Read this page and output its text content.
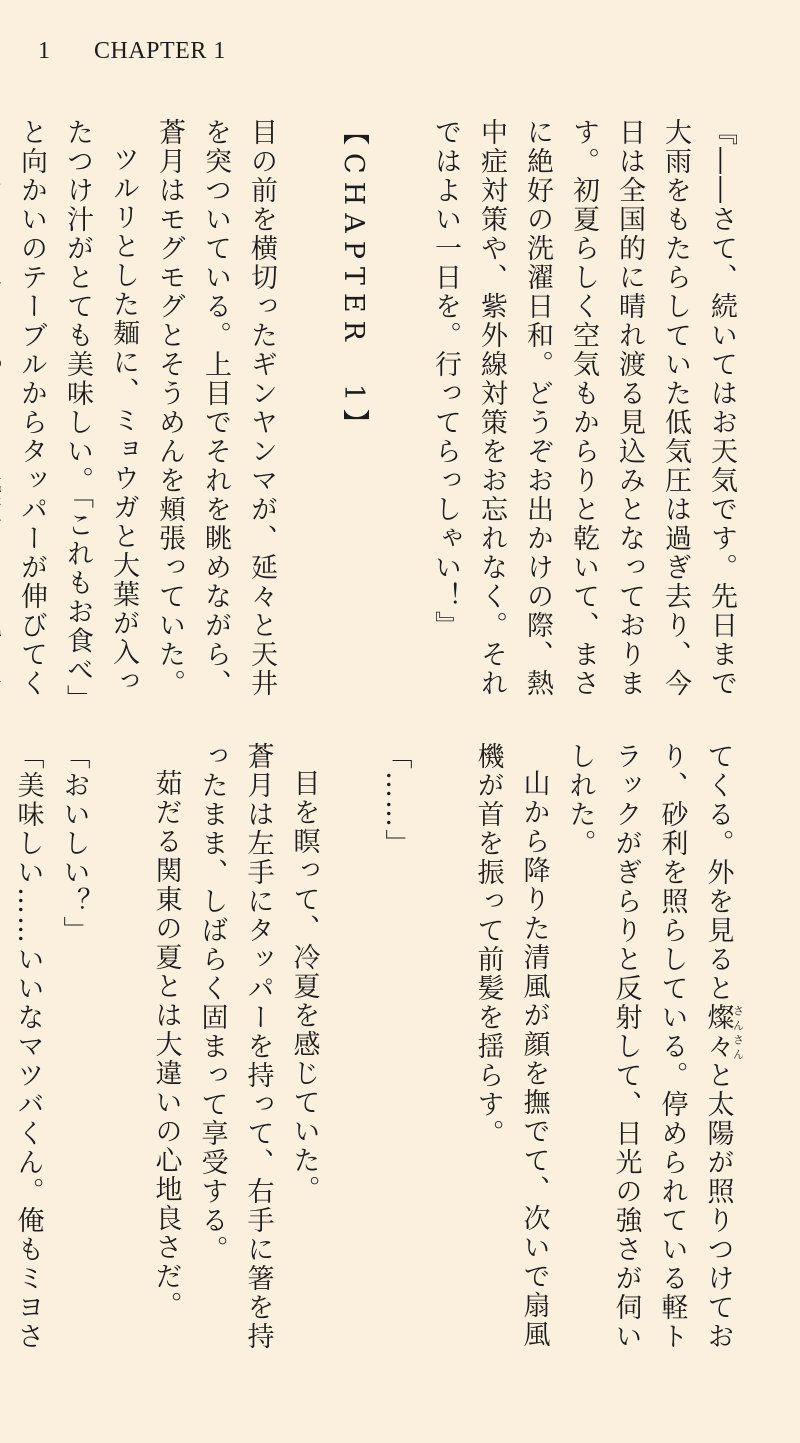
1 CHAPTER 1

『――さて、続いてはお天気です。先日まで大雨をもたらしていた低気圧は過ぎ去り、今日は全国的に晴れ渡る見込みとなっております。初夏らしく空気もからりと乾いて、まさに絶好の洗濯日和。どうぞお出かけの際、熱中症対策や、紫外線対策をお忘れなく。それではよい一日を。行ってらっしゃい！』

【CHAPTER　1】

目の前を横切ったギンヤンマが、延々と天井を突ついている。上目でそれを眺めながら、蒼月はモグモグとそうめんを頬張っていた。

ツルリとした麺に、ミョウガと大葉が入ったつけ汁がとても美味しい。「これもお食べ」と向かいのテーブルからタッパーが伸びてく

てくる。外を見ると燦々さんさんと太陽が照りつけており、砂利を照らしている。停められている軽トラックがぎらりと反射して、日光の強さが伺いしれた。

山から降りた清風が顔を撫でて、次いで扇風機が首を振って前髪を揺らす。

「……」

目を瞑って、冷夏を感じていた。

蒼月は左手にタッパーを持って、右手に箸を持ったまま、しばらく固まって享受する。

茹だる関東の夏とは大違いの心地良さだ。

「おいしい？」

「美味しい……いいなマツバくん。俺もミヨさ
